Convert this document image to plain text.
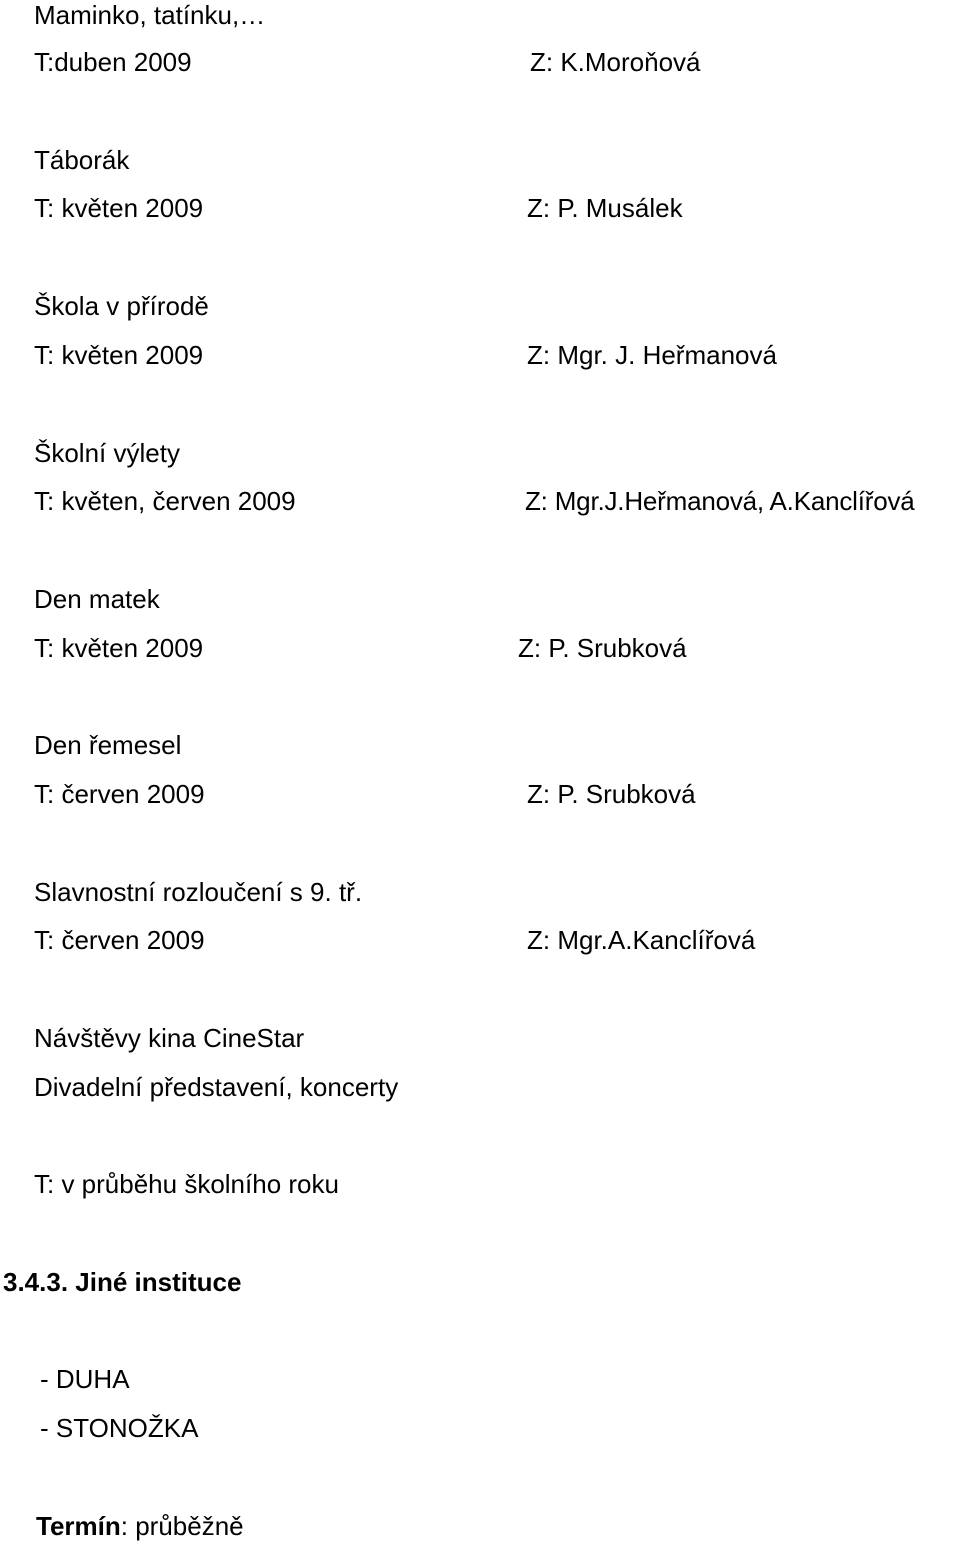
Maminko, tatínku,…
T:duben 2009	Z: K.Moroňová
Táborák
T: květen 2009	Z: P. Musálek
Škola v přírodě
T: květen 2009	Z: Mgr. J. Heřmanová
Školní výlety
T: květen, červen 2009	Z: Mgr.J.Heřmanová, A.Kanclířová
Den matek
T: květen 2009	Z: P. Srubková
Den řemesel
T: červen 2009	Z: P. Srubková
Slavnostní rozloučení s 9. tř.
T: červen 2009	Z: Mgr.A.Kanclířová
Návštěvy kina CineStar
Divadelní představení, koncerty
T: v průběhu školního roku
3.4.3. Jiné instituce
- DUHA
- STONOŽKA
Termín: průběžně
